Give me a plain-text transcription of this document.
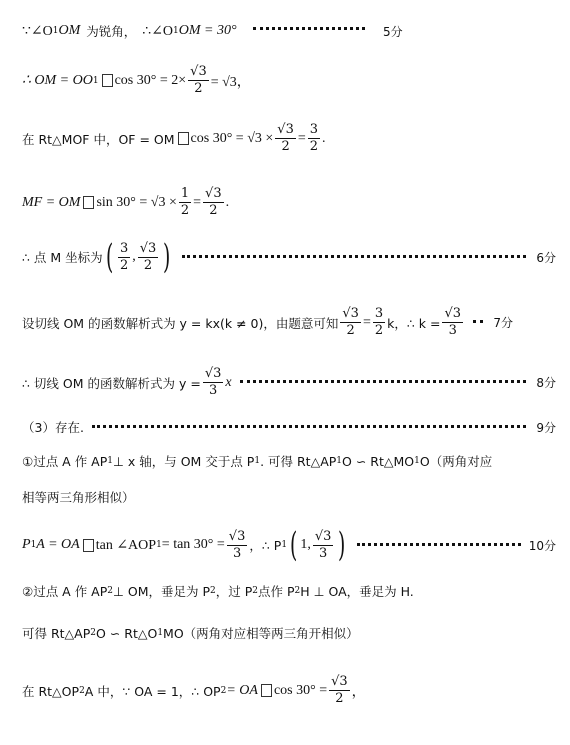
∵∠O 1 OM 为锐角， ∴∠O 1 OM = 30°	5分
∴ OM = OO 1 $\cos 30^\circ = 2\times \frac{√3}{2} = √3$，
在 Rt△MOF 中，OF = OM $\cos 30^\circ = √3 \times \frac{√3}{2} = \frac{3}{2}$ .
MF = OM $\sin 30^\circ = √3 \times \frac{1}{2} = \frac{√3}{2}$ .
∴ 点 M 坐标为 ( $\frac{3}{2}$ , $\frac{√3}{2}$ )	6分
设切线 OM 的函数解析式为 y = kx(k ≠ 0)，由题意可知 $\frac{√3}{2} = \frac{3}{2}$ k，∴ $k = \frac{√3}{3}$	7分
∴ 切线 OM 的函数解析式为 $y = \frac{√3}{3}$ x	8分
（3）存在.	9分
①过点 A 作 AP 1 ⊥ x 轴，与 OM 交于点 P 1 . 可得 Rt△AP 1 O ∽ Rt△MO 1 O（两角对应
相等两三角形相似）
P 1 A = OA tan ∠AOP $1 = \tan 30^\circ = \frac{√3}{3}$ ，∴ P 1 ( 1, $\frac{√3}{3}$ )	10分
②过点 A 作 AP 2 ⊥ OM，垂足为 P 2 ，过 P 2 点作 P 2 H ⊥ OA，垂足为 H.
可得 Rt△AP 2 O ∽ Rt△O 1 MO（两角对应相等两三角开相似）
在 Rt△OP 2 A 中，∵ OA = 1，∴ OP 2 = OA $\cos 30^\circ = \frac{√3}{2}$ ，
